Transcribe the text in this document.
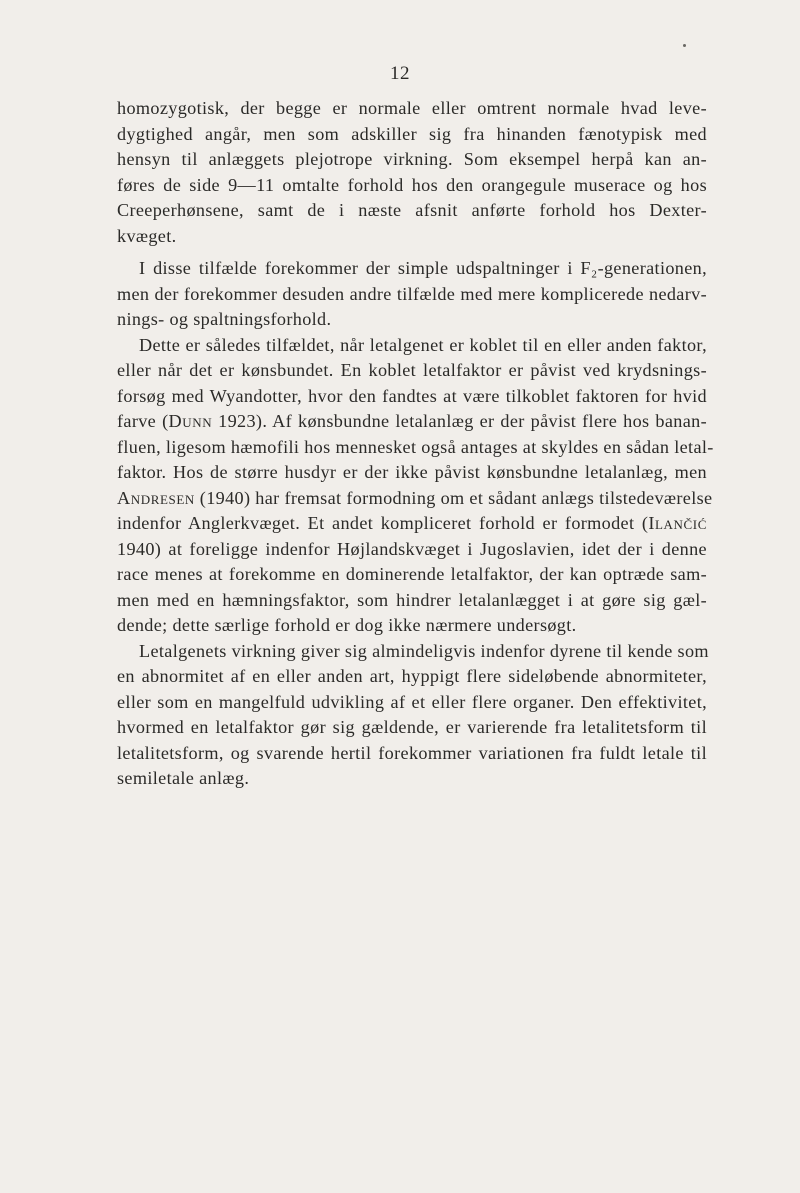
12
homozygotisk, der begge er normale eller omtrent normale hvad leve-
dygtighed angår, men som adskiller sig fra hinanden fænotypisk med
hensyn til anlæggets plejotrope virkning. Som eksempel herpå kan an-
føres de side 9—11 omtalte forhold hos den orangegule muserace og hos
Creeperhønsene, samt de i næste afsnit anførte forhold hos Dexter-
kvæget.
I disse tilfælde forekommer der simple udspaltninger i F₂-generationen,
men der forekommer desuden andre tilfælde med mere komplicerede nedarv-
nings- og spaltningsforhold.
Dette er således tilfældet, når letalgenet er koblet til en eller anden faktor,
eller når det er kønsbundet. En koblet letalfaktor er påvist ved krydsnings-
forsøg med Wyandotter, hvor den fandtes at være tilkoblet faktoren for hvid
farve (Dunn 1923). Af kønsbundne letalanlæg er der påvist flere hos banan-
fluen, ligesom hæmofili hos mennesket også antages at skyldes en sådan letal-
faktor. Hos de større husdyr er der ikke påvist kønsbundne letalanlæg, men
Andresen (1940) har fremsat formodning om et sådant anlægs tilstedeværelse
indenfor Anglerkvæget. Et andet kompliceret forhold er formodet (Ilančić
1940) at foreligge indenfor Højlandskvæget i Jugoslavien, idet der i denne
race menes at forekomme en dominerende letalfaktor, der kan optræde sam-
men med en hæmningsfaktor, som hindrer letalanlægget i at gøre sig gæl-
dende; dette særlige forhold er dog ikke nærmere undersøgt.
Letalgenets virkning giver sig almindeligvis indenfor dyrene til kende som
en abnormitet af en eller anden art, hyppigt flere sideløbende abnormiteter,
eller som en mangelfuld udvikling af et eller flere organer. Den effektivitet,
hvormed en letalfaktor gør sig gældende, er varierende fra letalitetsform til
letalitetsform, og svarende hertil forekommer variationen fra fuldt letale til
semiletale anlæg.
